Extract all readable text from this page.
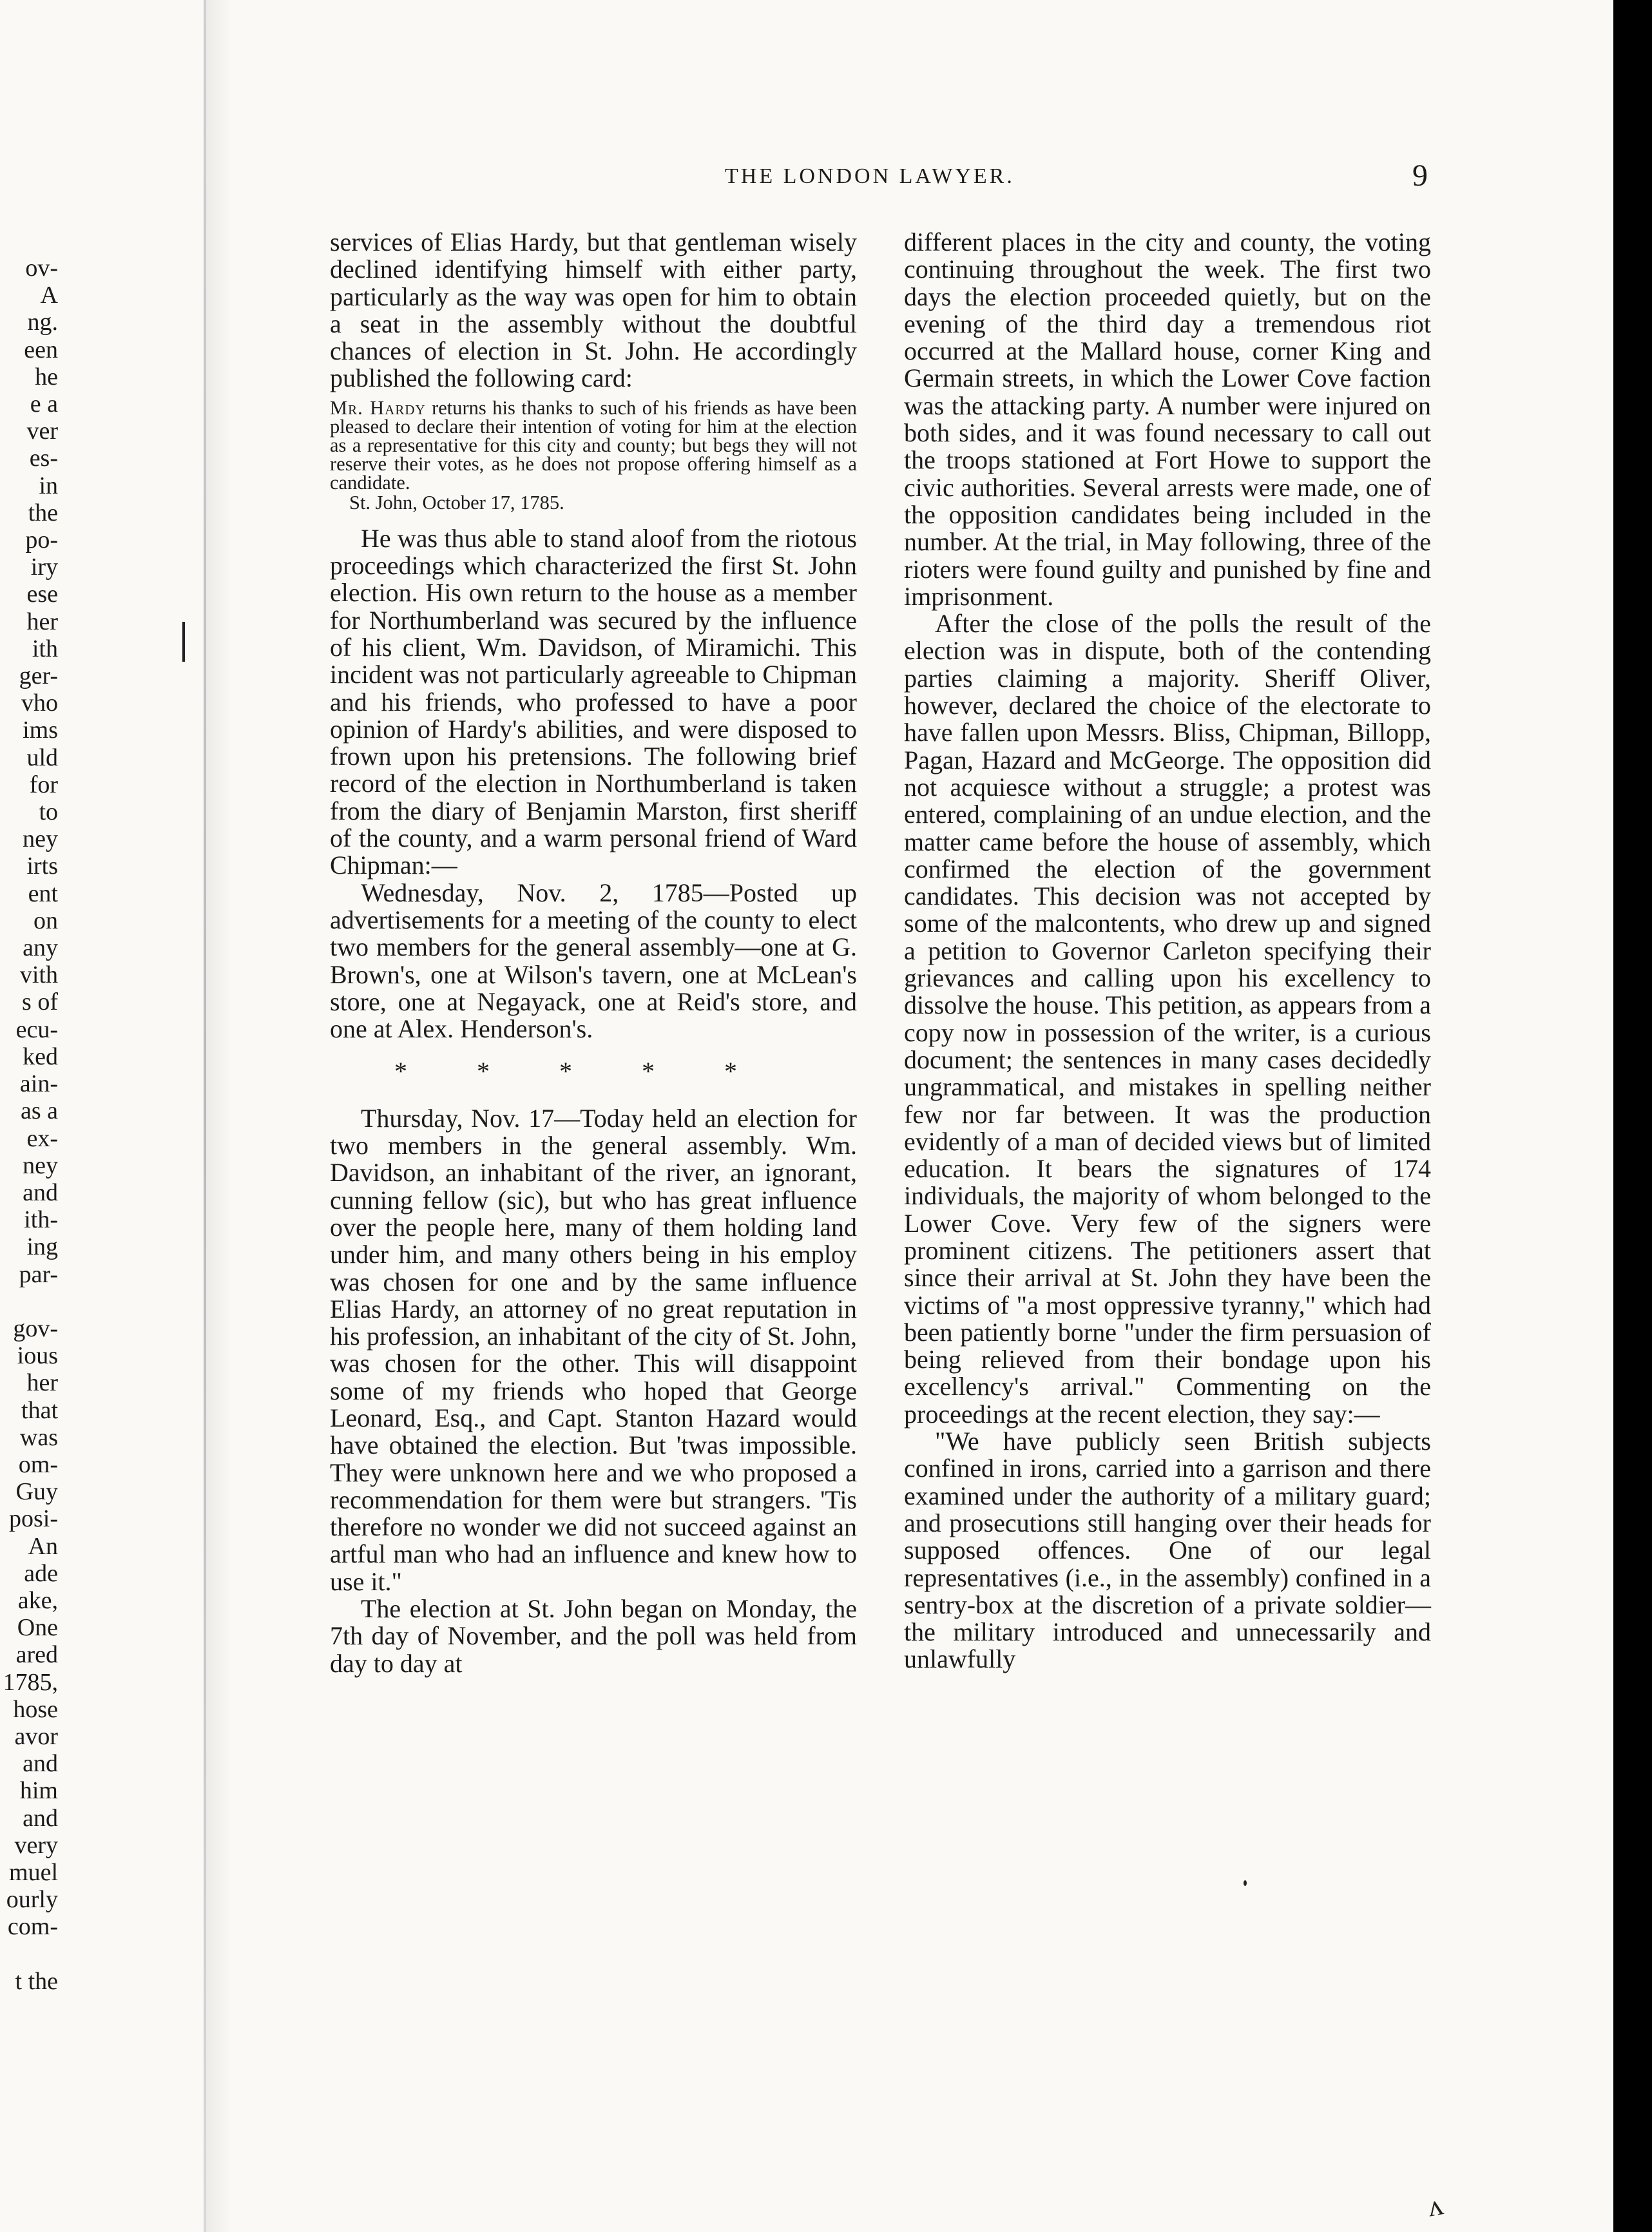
ov-
A
ng.
een
he
e a
ver
es-
in
the
po-
iry
ese
her
ith
ger-
vho
ims
uld
for
to
ney
irts
ent
on
any
vith
s of
ecu-
ked
ain-
as a
ex-
ney
and
ith-
ing
par-

gov-
ious
her
that
was
om-
Guy
posi-
An
ade
ake,
One
ared
1785,
hose
avor
and
him
and
very
muel
ourly
com-

t the
THE LONDON LAWYER.	9

services of Elias Hardy, but that gentleman wisely declined identifying himself with either party, particularly as the way was open for him to obtain a seat in the assembly without the doubtful chances of election in St. John. He accordingly published the following card:

Mr. Hardy returns his thanks to such of his friends as have been pleased to declare their intention of voting for him at the election as a representative for this city and county; but begs they will not reserve their votes, as he does not propose offering himself as a candidate.
St. John, October 17, 1785.

He was thus able to stand aloof from the riotous proceedings which characterized the first St. John election. His own return to the house as a member for Northumberland was secured by the influence of his client, Wm. Davidson, of Miramichi. This incident was not particularly agreeable to Chipman and his friends, who professed to have a poor opinion of Hardy's abilities, and were disposed to frown upon his pretensions. The following brief record of the election in Northumberland is taken from the diary of Benjamin Marston, first sheriff of the county, and a warm personal friend of Ward Chipman:—

Wednesday, Nov. 2, 1785—Posted up advertisements for a meeting of the county to elect two members for the general assembly—one at G. Brown's, one at Wilson's tavern, one at McLean's store, one at Negayack, one at Reid's store, and one at Alex. Henderson's.

*	*	*	*	*

Thursday, Nov. 17—Today held an election for two members in the general assembly. Wm. Davidson, an inhabitant of the river, an ignorant, cunning fellow (sic), but who has great influence over the people here, many of them holding land under him, and many others being in his employ was chosen for one and by the same influence Elias Hardy, an attorney of no great reputation in his profession, an inhabitant of the city of St. John, was chosen for the other. This will disappoint some of my friends who hoped that George Leonard, Esq., and Capt. Stanton Hazard would have obtained the election. But 'twas impossible. They were unknown here and we who proposed a recommendation for them were but strangers. 'Tis therefore no wonder we did not succeed against an artful man who had an influence and knew how to use it."

The election at St. John began on Monday, the 7th day of November, and the poll was held from day to day at

different places in the city and county, the voting continuing throughout the week. The first two days the election proceeded quietly, but on the evening of the third day a tremendous riot occurred at the Mallard house, corner King and Germain streets, in which the Lower Cove faction was the attacking party. A number were injured on both sides, and it was found necessary to call out the troops stationed at Fort Howe to support the civic authorities. Several arrests were made, one of the opposition candidates being included in the number. At the trial, in May following, three of the rioters were found guilty and punished by fine and imprisonment.

After the close of the polls the result of the election was in dispute, both of the contending parties claiming a majority. Sheriff Oliver, however, declared the choice of the electorate to have fallen upon Messrs. Bliss, Chipman, Billopp, Pagan, Hazard and McGeorge. The opposition did not acquiesce without a struggle; a protest was entered, complaining of an undue election, and the matter came before the house of assembly, which confirmed the election of the government candidates. This decision was not accepted by some of the malcontents, who drew up and signed a petition to Governor Carleton specifying their grievances and calling upon his excellency to dissolve the house. This petition, as appears from a copy now in possession of the writer, is a curious document; the sentences in many cases decidedly ungrammatical, and mistakes in spelling neither few nor far between. It was the production evidently of a man of decided views but of limited education. It bears the signatures of 174 individuals, the majority of whom belonged to the Lower Cove. Very few of the signers were prominent citizens. The petitioners assert that since their arrival at St. John they have been the victims of "a most oppressive tyranny," which had been patiently borne "under the firm persuasion of being relieved from their bondage upon his excellency's arrival." Commenting on the proceedings at the recent election, they say:—

"We have publicly seen British subjects confined in irons, carried into a garrison and there examined under the authority of a military guard; and prosecutions still hanging over their heads for supposed offences. One of our legal representatives (i.e., in the assembly) confined in a sentry-box at the discretion of a private soldier—the military introduced and unnecessarily and unlawfully

ᴧ
